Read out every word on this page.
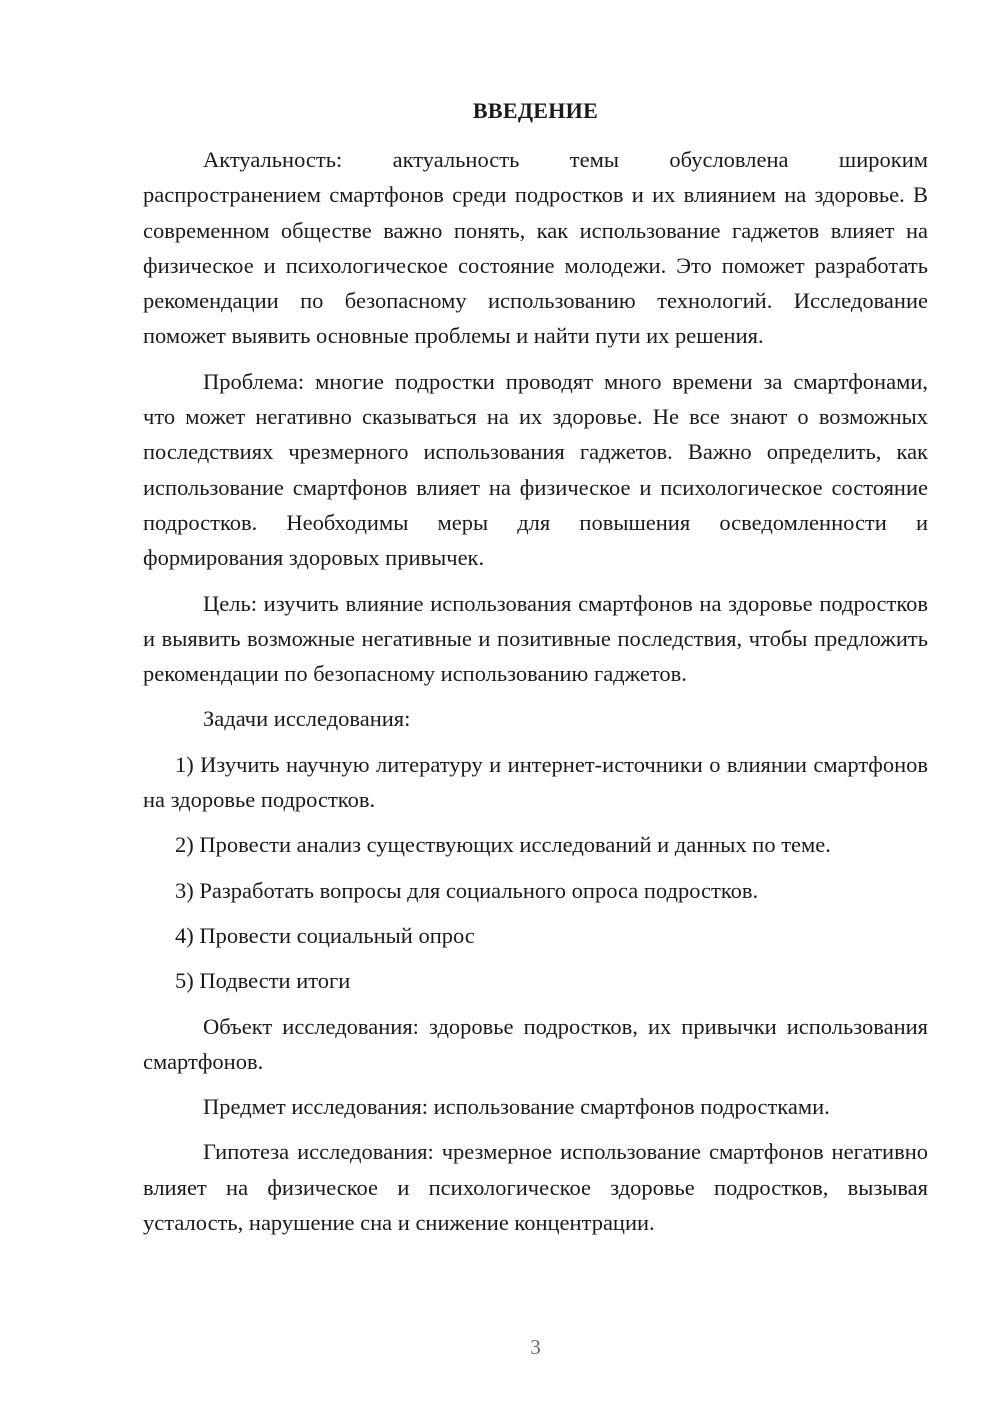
ВВЕДЕНИЕ

Актуальность: актуальность темы обусловлена широким распространением смартфонов среди подростков и их влиянием на здоровье. В современном обществе важно понять, как использование гаджетов влияет на физическое и психологическое состояние молодежи. Это поможет разработать рекомендации по безопасному использованию технологий. Исследование поможет выявить основные проблемы и найти пути их решения.

Проблема: многие подростки проводят много времени за смартфонами, что может негативно сказываться на их здоровье. Не все знают о возможных последствиях чрезмерного использования гаджетов. Важно определить, как использование смартфонов влияет на физическое и психологическое состояние подростков. Необходимы меры для повышения осведомленности и формирования здоровых привычек.

Цель: изучить влияние использования смартфонов на здоровье подростков и выявить возможные негативные и позитивные последствия, чтобы предложить рекомендации по безопасному использованию гаджетов.

Задачи исследования:

1) Изучить научную литературу и интернет-источники о влиянии смартфонов на здоровье подростков.

2) Провести анализ существующих исследований и данных по теме.

3) Разработать вопросы для социального опроса подростков.

4) Провести социальный опрос

5) Подвести итоги

Объект исследования: здоровье подростков, их привычки использования смартфонов.

Предмет исследования: использование смартфонов подростками.

Гипотеза исследования: чрезмерное использование смартфонов негативно влияет на физическое и психологическое здоровье подростков, вызывая усталость, нарушение сна и снижение концентрации.

3
